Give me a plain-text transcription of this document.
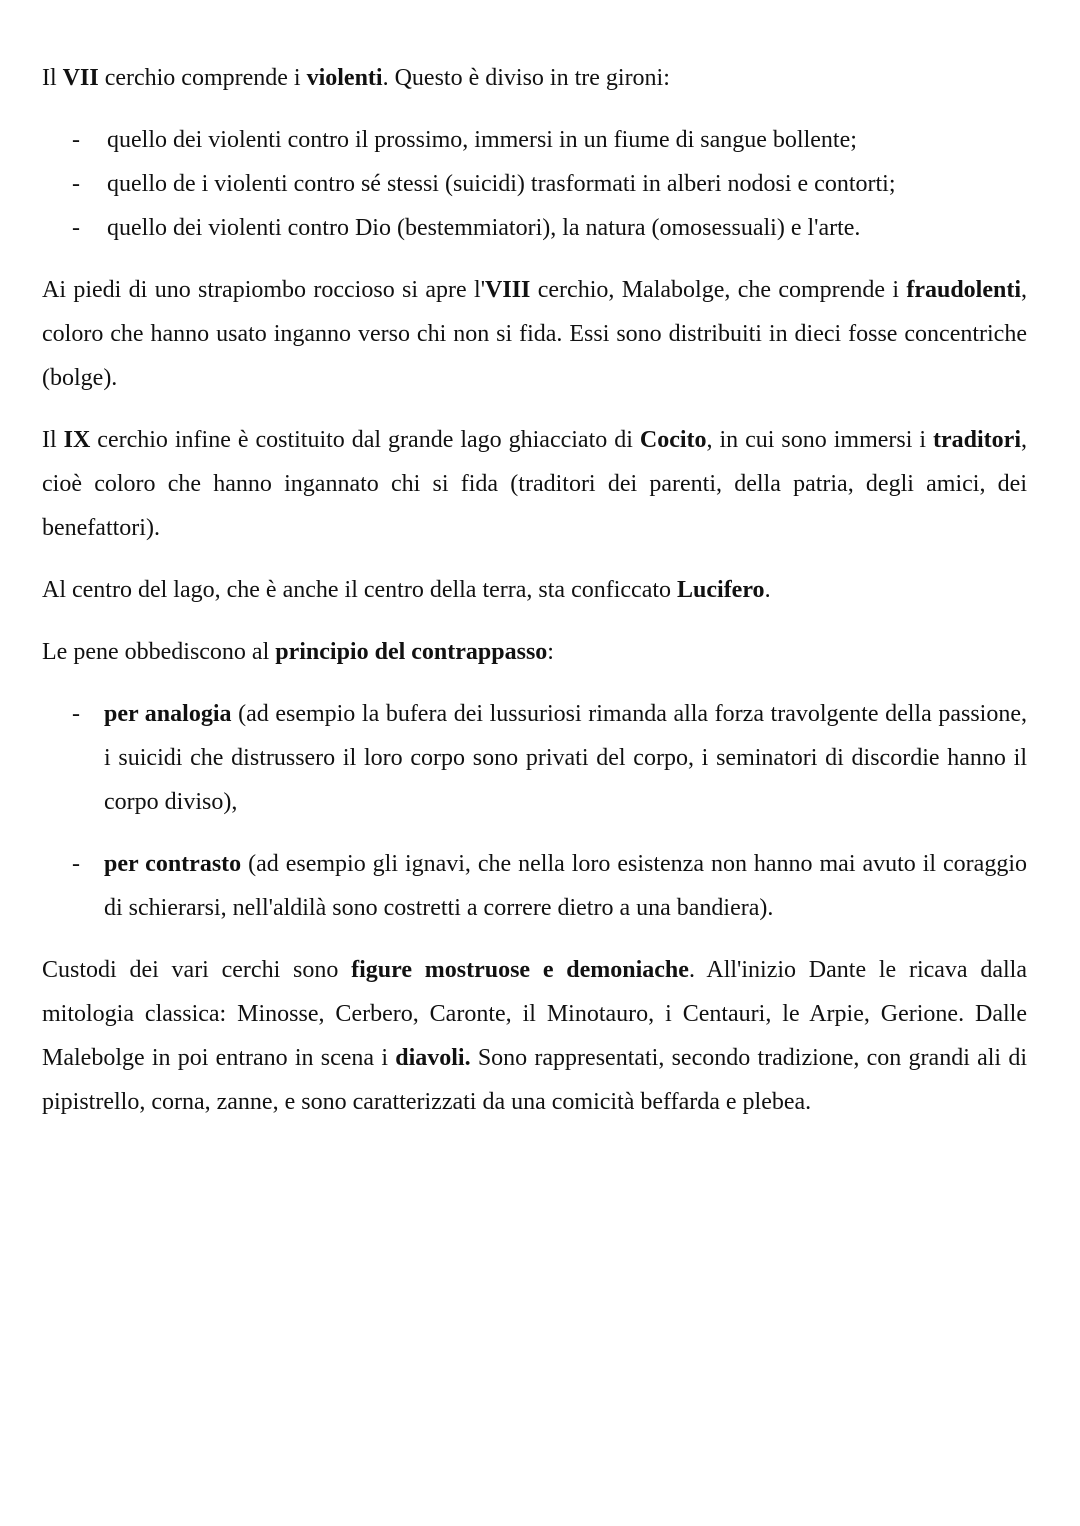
Il VII cerchio comprende i violenti. Questo è diviso in tre gironi:

- quello dei violenti contro il prossimo, immersi in un fiume di sangue bollente;
- quello de i violenti contro sé stessi (suicidi) trasformati in alberi nodosi e contorti;
- quello dei violenti contro Dio (bestemmiatori), la natura (omosessuali) e l'arte.

Ai piedi di uno strapiombo roccioso si apre l'VIII cerchio, Malabolge, che comprende i fraudolenti, coloro che hanno usato inganno verso chi non si fida. Essi sono distribuiti in dieci fosse concentriche (bolge).

Il IX cerchio infine è costituito dal grande lago ghiacciato di Cocito, in cui sono immersi i traditori, cioè coloro che hanno ingannato chi si fida (traditori dei parenti, della patria, degli amici, dei benefattori).

Al centro del lago, che è anche il centro della terra, sta conficcato Lucifero.

Le pene obbediscono al principio del contrappasso:

- per analogia (ad esempio la bufera dei lussuriosi rimanda alla forza travolgente della passione, i suicidi che distrussero il loro corpo sono privati del corpo, i seminatori di discordie hanno il corpo diviso),
- per contrasto (ad esempio gli ignavi, che nella loro esistenza non hanno mai avuto il coraggio di schierarsi, nell'aldilà sono costretti a correre dietro a una bandiera).

Custodi dei vari cerchi sono figure mostruose e demoniache. All'inizio Dante le ricava dalla mitologia classica: Minosse, Cerbero, Caronte, il Minotauro, i Centauri, le Arpie, Gerione. Dalle Malebolge in poi entrano in scena i diavoli. Sono rappresentati, secondo tradizione, con grandi ali di pipistrello, corna, zanne, e sono caratterizzati da una comicità beffarda e plebea.
